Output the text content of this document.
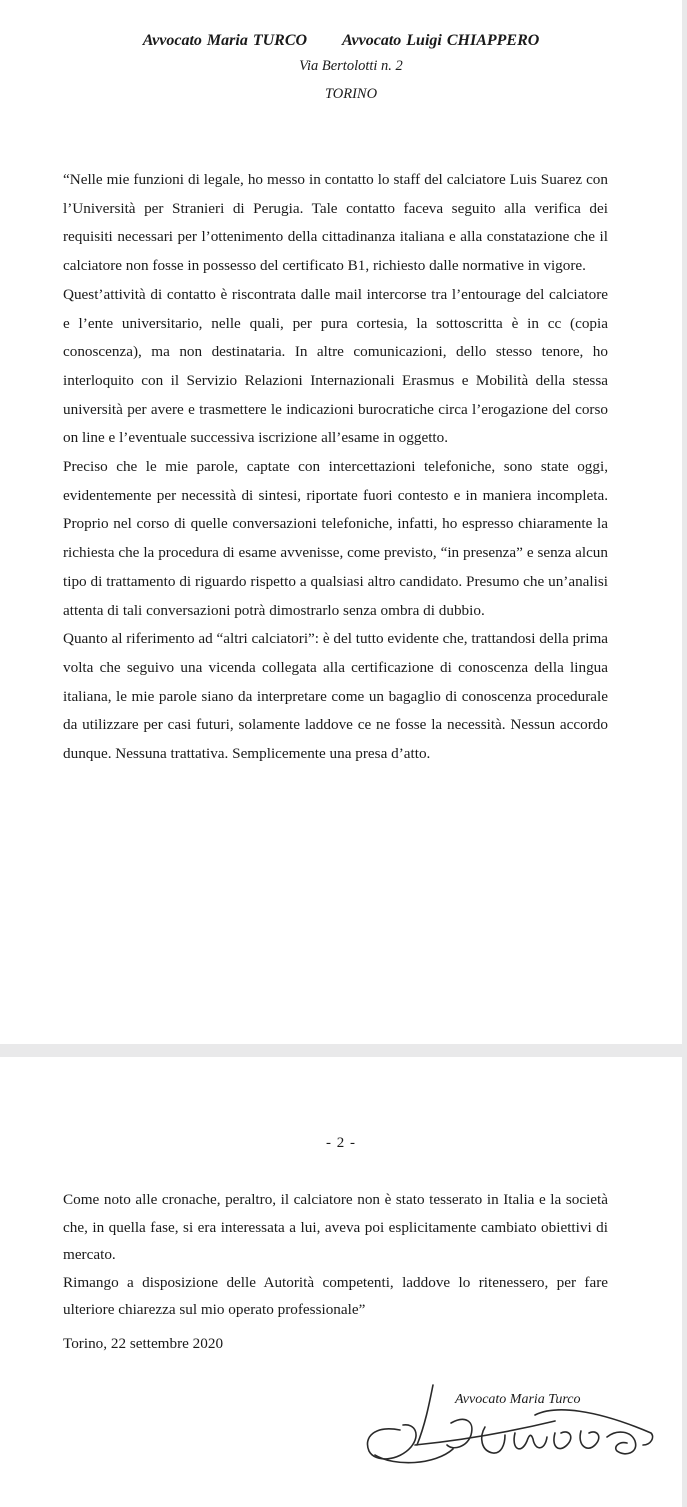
Avvocato Maria TURCO Avvocato Luigi CHIAPPERO
Via Bertolotti n. 2
TORINO

“Nelle mie funzioni di legale, ho messo in contatto lo staff del calciatore Luis Suarez con l’Università per Stranieri di Perugia. Tale contatto faceva seguito alla verifica dei requisiti necessari per l’ottenimento della cittadinanza italiana e alla constatazione che il calciatore non fosse in possesso del certificato B1, richiesto dalle normative in vigore.

Quest’attività di contatto è riscontrata dalle mail intercorse tra l’entourage del calciatore e l’ente universitario, nelle quali, per pura cortesia, la sottoscritta è in cc (copia conoscenza), ma non destinataria. In altre comunicazioni, dello stesso tenore, ho interloquito con il Servizio Relazioni Internazionali Erasmus e Mobilità della stessa università per avere e trasmettere le indicazioni burocratiche circa l’erogazione del corso on line e l’eventuale successiva iscrizione all’esame in oggetto.

Preciso che le mie parole, captate con intercettazioni telefoniche, sono state oggi, evidentemente per necessità di sintesi, riportate fuori contesto e in maniera incompleta. Proprio nel corso di quelle conversazioni telefoniche, infatti, ho espresso chiaramente la richiesta che la procedura di esame avvenisse, come previsto, “in presenza” e senza alcun tipo di trattamento di riguardo rispetto a qualsiasi altro candidato. Presumo che un’analisi attenta di tali conversazioni potrà dimostrarlo senza ombra di dubbio.

Quanto al riferimento ad “altri calciatori”: è del tutto evidente che, trattandosi della prima volta che seguivo una vicenda collegata alla certificazione di conoscenza della lingua italiana, le mie parole siano da interpretare come un bagaglio di conoscenza procedurale da utilizzare per casi futuri, solamente laddove ce ne fosse la necessità. Nessun accordo dunque. Nessuna trattativa. Semplicemente una presa d’atto.

- 2 -

Come noto alle cronache, peraltro, il calciatore non è stato tesserato in Italia e la società che, in quella fase, si era interessata a lui, aveva poi esplicitamente cambiato obiettivi di mercato.

Rimango a disposizione delle Autorità competenti, laddove lo ritenessero, per fare ulteriore chiarezza sul mio operato professionale”

Torino, 22 settembre 2020
Avvocato Maria Turco
